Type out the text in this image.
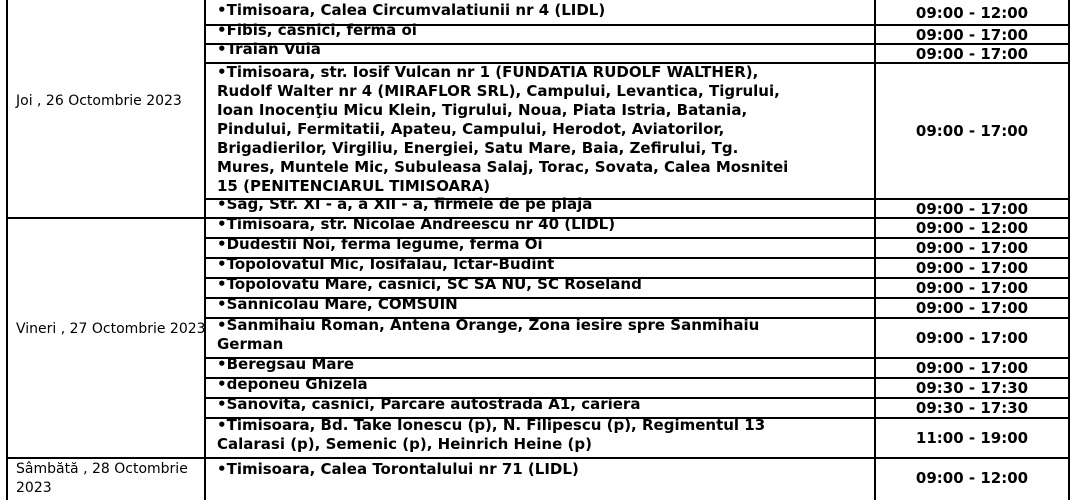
Joi , 26 Octombrie 2023
•Timisoara, Calea Circumvalatiunii nr 4 (LIDL)	09:00 - 12:00
•Fibis, casnici, ferma oi	09:00 - 17:00
•Traian Vuia	09:00 - 17:00
•Timisoara, str. Iosif Vulcan nr 1 (FUNDATIA RUDOLF WALTHER),
Rudolf Walter nr 4 (MIRAFLOR SRL), Campului, Levantica, Tigrului,
Ioan Inocenţiu Micu Klein, Tigrului, Noua, Piata Istria, Batania,
Pindului, Fermitatii, Apateu, Campului, Herodot, Aviatorilor,
Brigadierilor, Virgiliu, Energiei, Satu Mare, Baia, Zefirului, Tg.
Mures, Muntele Mic, Subuleasa Salaj, Torac, Sovata, Calea Mosnitei
15 (PENITENCIARUL TIMISOARA)
09:00 - 17:00
•Sag, Str. XI - a, a XII - a, firmele de pe plaja	09:00 - 17:00
Vineri , 27 Octombrie 2023
•Timisoara, str. Nicolae Andreescu nr 40 (LIDL)	09:00 - 12:00
•Dudestii Noi, ferma legume, ferma Oi	09:00 - 17:00
•Topolovatul Mic, Iosifalau, Ictar-Budint	09:00 - 17:00
•Topolovatu Mare, casnici, SC SA NU, SC Roseland	09:00 - 17:00
•Sannicolau Mare, COMSUIN	09:00 - 17:00
•Sanmihaiu Roman, Antena Orange, Zona iesire spre Sanmihaiu
German	09:00 - 17:00
•Beregsau Mare	09:00 - 17:00
•deponeu Ghizela	09:30 - 17:30
•Sanovita, casnici, Parcare autostrada A1, cariera	09:30 - 17:30
•Timisoara, Bd. Take Ionescu (p), N. Filipescu (p), Regimentul 13
Calarasi (p), Semenic (p), Heinrich Heine (p)	11:00 - 19:00
Sâmbătă , 28 Octombrie 2023
•Timisoara, Calea Torontalului nr 71 (LIDL)	09:00 - 12:00
